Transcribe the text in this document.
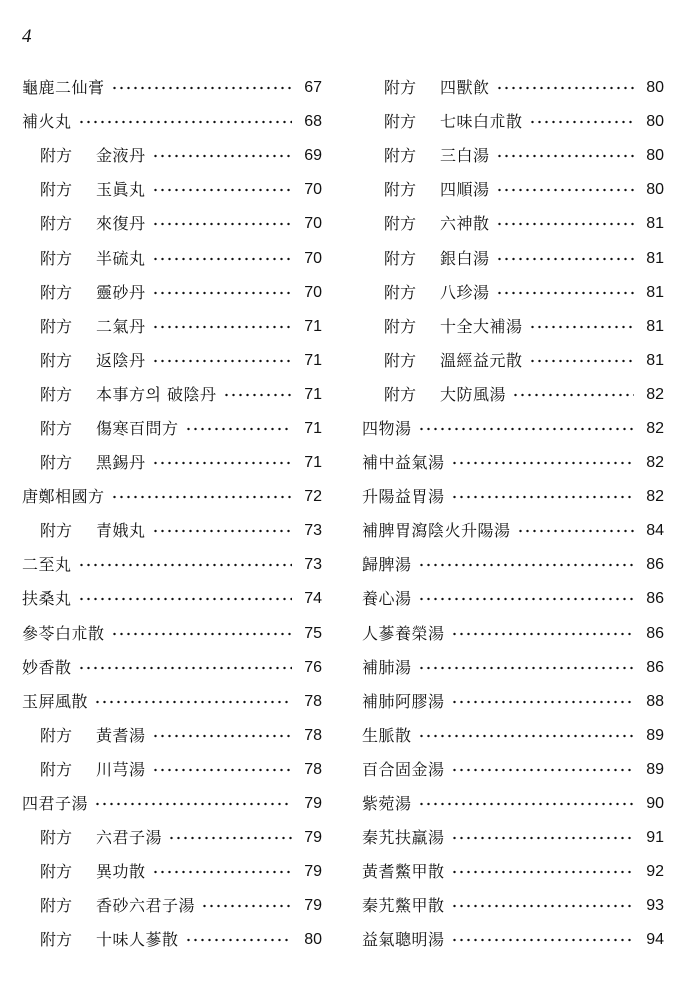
4
龜鹿二仙膏	67
補火丸	68
附方 金液丹	69
附方 玉眞丸	70
附方 來復丹	70
附方 半硫丸	70
附方 靈砂丹	70
附方 二氣丹	71
附方 返陰丹	71
附方 本事方의 破陰丹	71
附方 傷寒百問方	71
附方 黑錫丹	71
唐鄭相國方	72
附方 青娥丸	73
二至丸	73
扶桑丸	74
參苓白朮散	75
妙香散	76
玉屛風散	78
附方 黃耆湯	78
附方 川芎湯	78
四君子湯	79
附方 六君子湯	79
附方 異功散	79
附方 香砂六君子湯	79
附方 十味人蔘散	80
附方 四獸飮	80
附方 七味白朮散	80
附方 三白湯	80
附方 四順湯	80
附方 六神散	81
附方 銀白湯	81
附方 八珍湯	81
附方 十全大補湯	81
附方 溫經益元散	81
附方 大防風湯	82
四物湯	82
補中益氣湯	82
升陽益胃湯	82
補脾胃瀉陰火升陽湯	84
歸脾湯	86
養心湯	86
人蔘養榮湯	86
補肺湯	86
補肺阿膠湯	88
生脈散	89
百合固金湯	89
紫菀湯	90
秦艽扶羸湯	91
黃耆鱉甲散	92
秦艽鱉甲散	93
益氣聰明湯	94
